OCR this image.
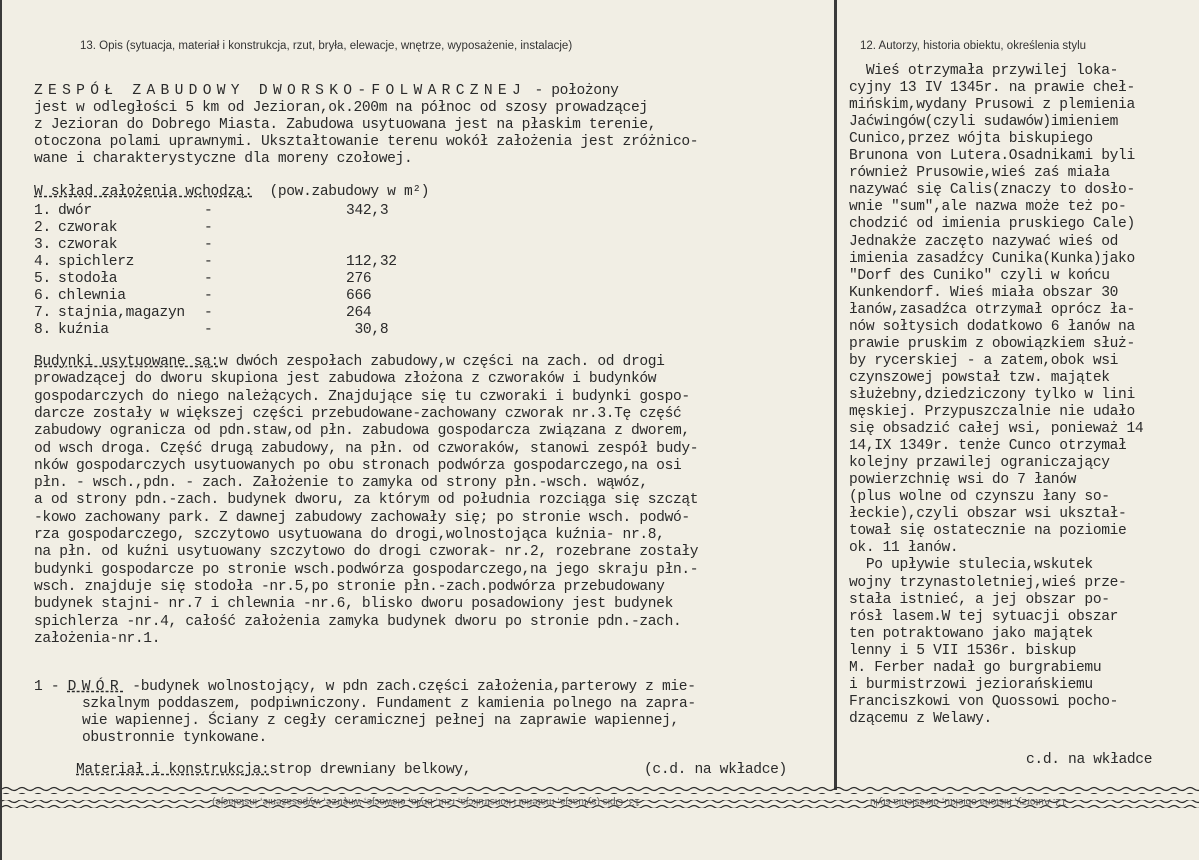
13. Opis (sytuacja, materiał i konstrukcja, rzut, bryła, elewacje, wnętrze, wyposażenie, instalacje)	12. Autorzy, historia obiektu, określenia stylu
ZESPÓŁ ZABUDOWY DWORSKO-FOLWARCZNEJ - położony
jest w odległości 5 km od Jezioran,ok.200m na północ od szosy prowadzącej
z Jezioran do Dobrego Miasta. Zabudowa usytuowana jest na płaskim terenie,
otoczona polami uprawnymi. Ukształtowanie terenu wokół założenia jest zróżnico-
wane i charakterystyczne dla moreny czołowej.
W skład założenia wchodzą: (pow.zabudowy w m²)
1. dwór	-	342,3
2. czworak	-
3. czworak	-
4. spichlerz	-	112,32
5. stodoła	-	276
6. chlewnia	-	666
7. stajnia,magazyn -	264
8. kuźnia	-	30,8
Budynki usytuowane są:w dwóch zespołach zabudowy,w części na zach. od drogi
prowadzącej do dworu skupiona jest zabudowa złożona z czworaków i budynków
gospodarczych do niego należących. Znajdujące się tu czworaki i budynki gospo-
darcze zostały w większej części przebudowane-zachowany czworak nr.3.Tę część
zabudowy ogranicza od pdn.staw,od płn. zabudowa gospodarcza związana z dworem,
od wsch droga. Część drugą zabudowy, na płn. od czworaków, stanowi zespół budy-
nków gospodarczych usytuowanych po obu stronach podwórza gospodarczego,na osi
płn. - wsch.,pdn. - zach. Założenie to zamyka od strony płn.-wsch. wąwóz,
a od strony pdn.-zach. budynek dworu, za którym od południa rozciąga się szcząt
-kowo zachowany park. Z dawnej zabudowy zachowały się; po stronie wsch. podwó-
rza gospodarczego, szczytowo usytuowana do drogi,wolnostojąca kuźnia- nr.8,
na płn. od kuźni usytuowany szczytowo do drogi czworak- nr.2, rozebrane zostały
budynki gospodarcze po stronie wsch.podwórza gospodarczego,na jego skraju płn.-
wsch. znajduje się stodoła -nr.5,po stronie płn.-zach.podwórza przebudowany
budynek stajni- nr.7 i chlewnia -nr.6, blisko dworu posadowiony jest budynek
spichlerza -nr.4, całość założenia zamyka budynek dworu po stronie pdn.-zach.
założenia-nr.1.
1 - DWÓR -budynek wolnostojący, w pdn zach.części założenia,parterowy z mie-
szkalnym poddaszem, podpiwniczony. Fundament z kamienia polnego na zapra-
wie wapiennej. Ściany z cegły ceramicznej pełnej na zaprawie wapiennej,
obustronnie tynkowane.
Materiał i konstrukcja:strop drewniany belkowy,	(c.d. na wkładce)
Wieś otrzymała przywilej loka-
cyjny 13 IV 1345r. na prawie cheł-
mińskim,wydany Prusowi z plemienia
Jaćwingów(czyli sudawów)imieniem
Cunico,przez wójta biskupiego
Brunona von Lutera.Osadnikami byli
również Prusowie,wieś zaś miała
nazywać się Calis(znaczy to dosło-
wnie "sum",ale nazwa może też po-
chodzić od imienia pruskiego Cale)
Jednakże zaczęto nazywać wieś od
imienia zasadźcy Cunika(Kunka)jako
"Dorf des Cuniko" czyli w końcu
Kunkendorf. Wieś miała obszar 30
łanów,zasadźca otrzymał oprócz ła-
nów sołtysich dodatkowo 6 łanów na
prawie pruskim z obowiązkiem służ-
by rycerskiej - a zatem,obok wsi
czynszowej powstał tzw. majątek
służebny,dziedziczony tylko w lini
męskiej. Przypuszczalnie nie udało
się obsadzić całej wsi, ponieważ 14
14,IX 1349r. tenże Cunco otrzymał
kolejny przawilej ograniczający
powierzchnię wsi do 7 łanów
(plus wolne od czynszu łany so-
łeckie),czyli obszar wsi ukształ-
tował się ostatecznie na poziomie
ok. 11 łanów.
Po upływie stulecia,wskutek
wojny trzynastoletniej,wieś prze-
stała istnieć, a jej obszar po-
rósł lasem.W tej sytuacji obszar
ten potraktowano jako majątek
lenny i 5 VII 1536r. biskup
M. Ferber nadał go burgrabiemu
i burmistrzowi jeziorańskiemu
Franciszkowi von Quossowi pocho-
dzącemu z Welawy.
c.d. na wkładce
13. Opis (sytuacja, materiał i konstrukcja, rzut, bryła, elewacje, wnętrze, wyposażenie, instalacje)	12. Autorzy, historia obiektu, określenia stylu
